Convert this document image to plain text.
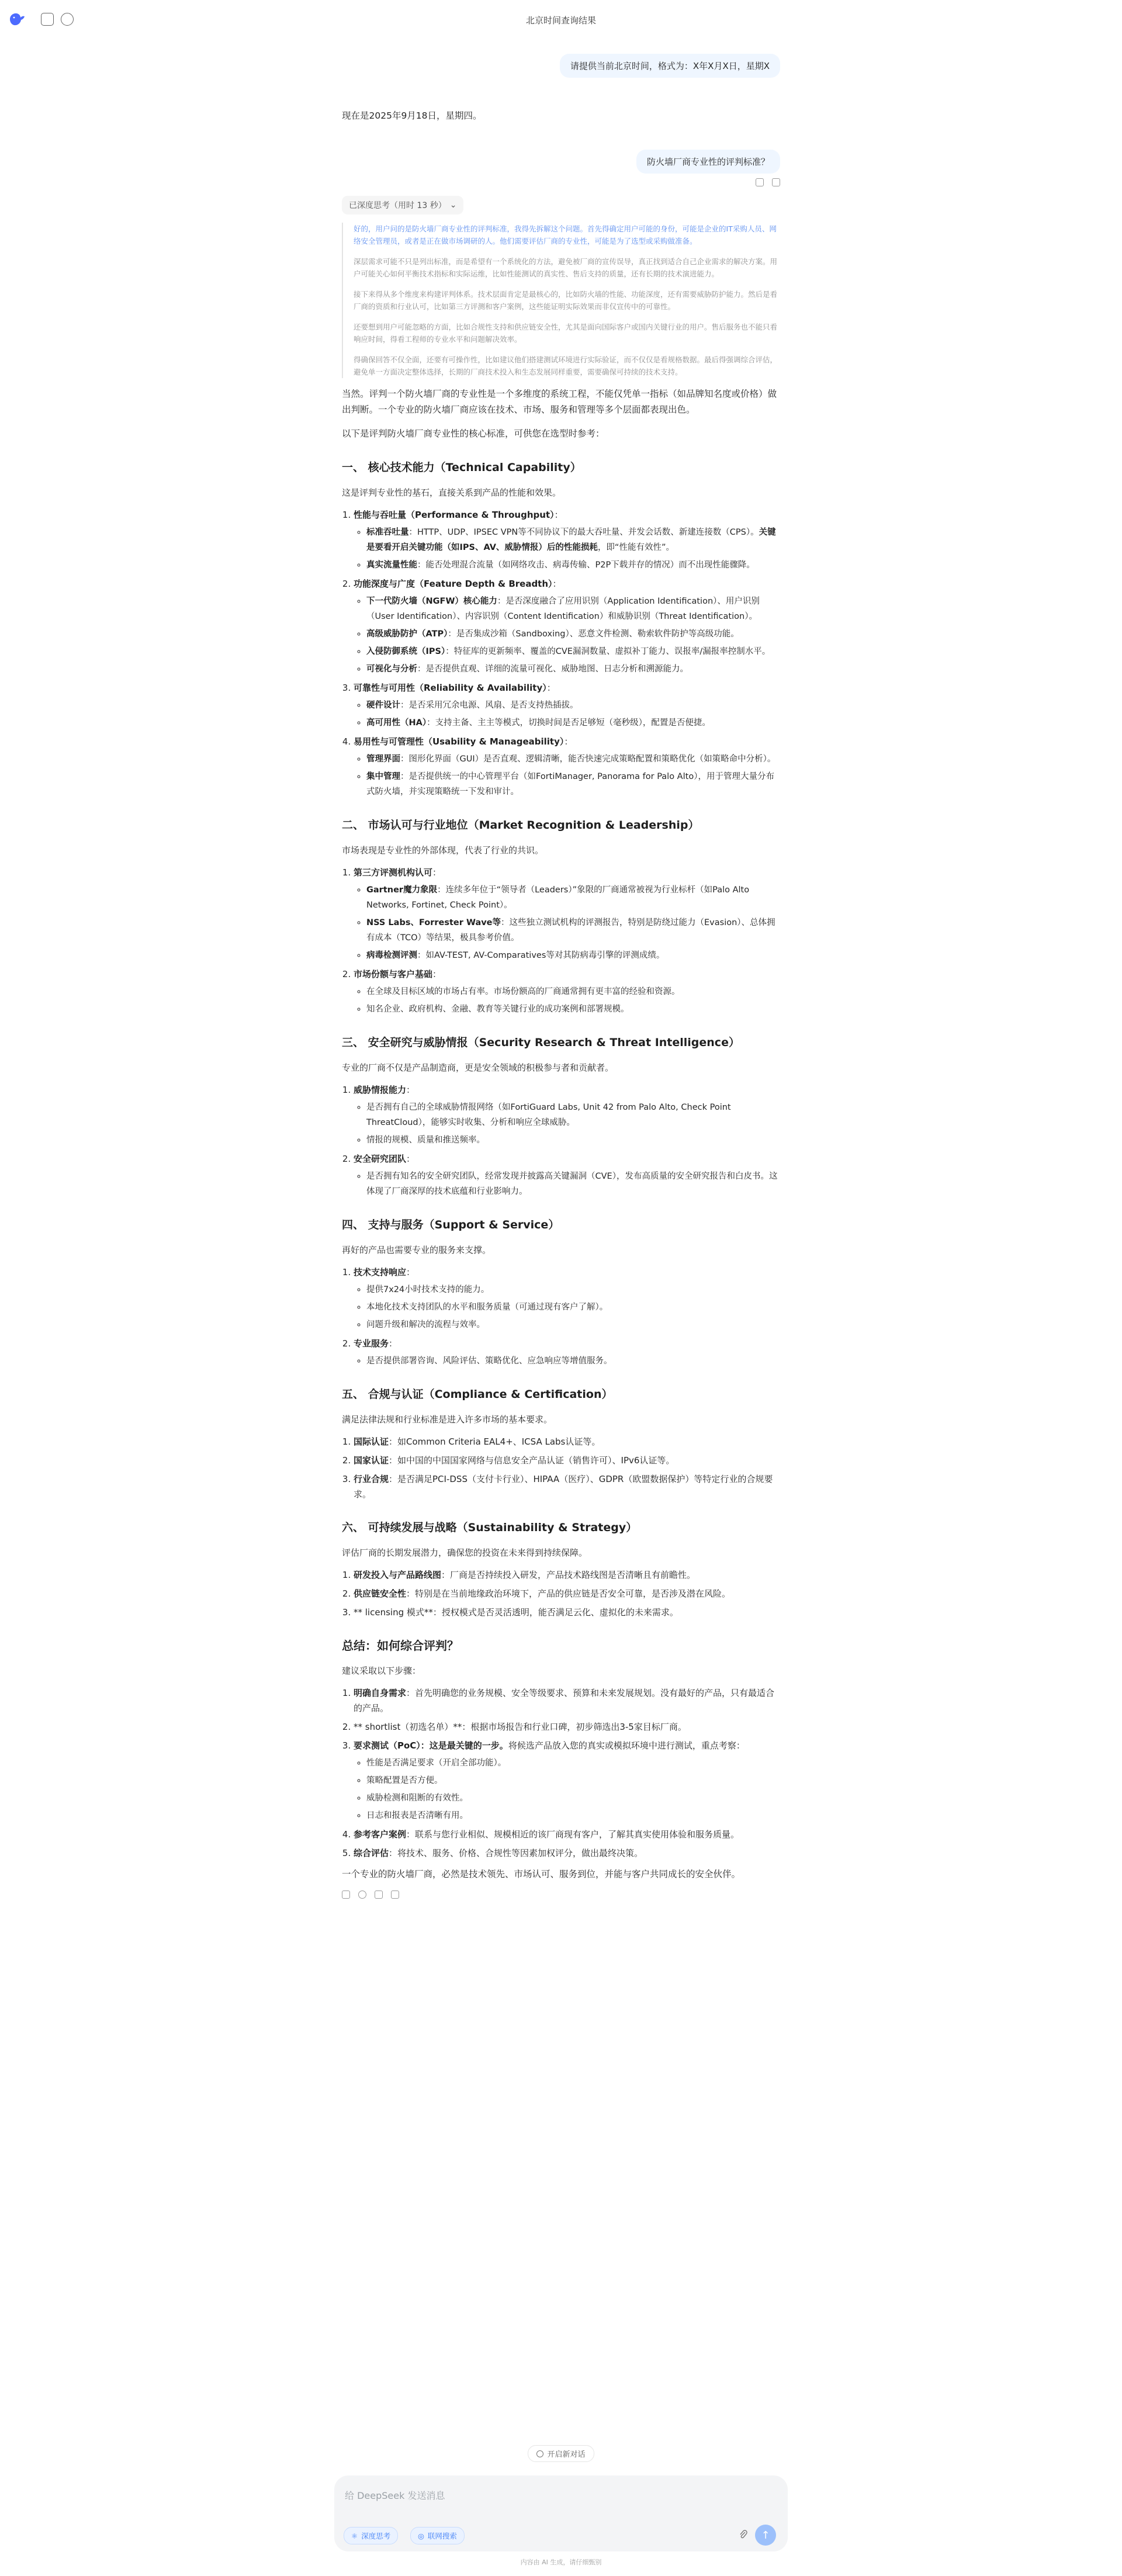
北京时间查询结果
请提供当前北京时间，格式为：X年X月X日，星期X

现在是2025年9月18日，星期四。

防火墙厂商专业性的评判标准？
已深度思考（用时 13 秒） ⌄

好的，用户问的是防火墙厂商专业性的评判标准，我得先拆解这个问题。首先得确定用户可能的身份，可能是企业的IT采购人员、网络安全管理员，或者是正在做市场调研的人。他们需要评估厂商的专业性，可能是为了选型或采购做准备。

深层需求可能不只是列出标准，而是希望有一个系统化的方法，避免被厂商的宣传误导，真正找到适合自己企业需求的解决方案。用户可能关心如何平衡技术指标和实际运维，比如性能测试的真实性、售后支持的质量，还有长期的技术演进能力。

接下来得从多个维度来构建评判体系。技术层面肯定是最核心的，比如防火墙的性能、功能深度，还有需要威胁防护能力。然后是看厂商的资质和行业认可，比如第三方评测和客户案例，这些能证明实际效果而非仅宣传中的可靠性。

还要想到用户可能忽略的方面，比如合规性支持和供应链安全性，尤其是面向国际客户或国内关键行业的用户。售后服务也不能只看响应时间，得看工程师的专业水平和问题解决效率。

得确保回答不仅全面，还要有可操作性，比如建议他们搭建测试环境进行实际验证，而不仅仅是看规格数据。最后得强调综合评估，避免单一方面决定整体选择，长期的厂商技术投入和生态发展同样重要，需要确保可持续的技术支持。

当然。评判一个防火墙厂商的专业性是一个多维度的系统工程，不能仅凭单一指标（如品牌知名度或价格）做出判断。一个专业的防火墙厂商应该在技术、市场、服务和管理等多个层面都表现出色。

以下是评判防火墙厂商专业性的核心标准，可供您在选型时参考：

一、 核心技术能力（Technical Capability）

这是评判专业性的基石，直接关系到产品的性能和效果。

1. 性能与吞吐量（Performance & Throughput）：
◦ 标准吞吐量：HTTP、UDP、IPSEC VPN等不同协议下的最大吞吐量、并发会话数、新建连接数（CPS）。关键是要看开启关键功能（如IPS、AV、威胁情报）后的性能损耗，即“性能有效性”。
◦ 真实流量性能：能否处理混合流量（如网络攻击、病毒传输、P2P下载并存的情况）而不出现性能骤降。
2. 功能深度与广度（Feature Depth & Breadth）：
◦ 下一代防火墙（NGFW）核心能力：是否深度融合了应用识别（Application Identification）、用户识别（User Identification）、内容识别（Content Identification）和威胁识别（Threat Identification）。
◦ 高级威胁防护（ATP）：是否集成沙箱（Sandboxing）、恶意文件检测、勒索软件防护等高级功能。
◦ 入侵防御系统（IPS）：特征库的更新频率、覆盖的CVE漏洞数量、虚拟补丁能力、误报率/漏报率控制水平。
◦ 可视化与分析：是否提供直观、详细的流量可视化、威胁地图、日志分析和溯源能力。
3. 可靠性与可用性（Reliability & Availability）：
◦ 硬件设计：是否采用冗余电源、风扇、是否支持热插拔。
◦ 高可用性（HA）：支持主备、主主等模式，切换时间是否足够短（毫秒级），配置是否便捷。
4. 易用性与可管理性（Usability & Manageability）：
◦ 管理界面：图形化界面（GUI）是否直观、逻辑清晰，能否快速完成策略配置和策略优化（如策略命中分析）。
◦ 集中管理：是否提供统一的中心管理平台（如FortiManager, Panorama for Palo Alto），用于管理大量分布式防火墙，并实现策略统一下发和审计。
二、 市场认可与行业地位（Market Recognition & Leadership）

市场表现是专业性的外部体现，代表了行业的共识。

1. 第三方评测机构认可：
◦ Gartner魔力象限：连续多年位于“领导者（Leaders）”象限的厂商通常被视为行业标杆（如Palo Alto Networks, Fortinet, Check Point）。
◦ NSS Labs、Forrester Wave等：这些独立测试机构的评测报告，特别是防绕过能力（Evasion）、总体拥有成本（TCO）等结果，极具参考价值。
◦ 病毒检测评测：如AV-TEST, AV-Comparatives等对其防病毒引擎的评测成绩。
2. 市场份额与客户基础：
◦ 在全球及目标区域的市场占有率。市场份额高的厂商通常拥有更丰富的经验和资源。
◦ 知名企业、政府机构、金融、教育等关键行业的成功案例和部署规模。
三、 安全研究与威胁情报（Security Research & Threat Intelligence）

专业的厂商不仅是产品制造商，更是安全领域的积极参与者和贡献者。

1. 威胁情报能力：
◦ 是否拥有自己的全球威胁情报网络（如FortiGuard Labs, Unit 42 from Palo Alto, Check Point ThreatCloud），能够实时收集、分析和响应全球威胁。
◦ 情报的规模、质量和推送频率。
2. 安全研究团队：
◦ 是否拥有知名的安全研究团队，经常发现并披露高关键漏洞（CVE），发布高质量的安全研究报告和白皮书。这体现了厂商深厚的技术底蕴和行业影响力。
四、 支持与服务（Support & Service）

再好的产品也需要专业的服务来支撑。

1. 技术支持响应：
◦ 提供7x24小时技术支持的能力。
◦ 本地化技术支持团队的水平和服务质量（可通过现有客户了解）。
◦ 问题升级和解决的流程与效率。
2. 专业服务：
◦ 是否提供部署咨询、风险评估、策略优化、应急响应等增值服务。
五、 合规与认证（Compliance & Certification）

满足法律法规和行业标准是进入许多市场的基本要求。

1. 国际认证：如Common Criteria EAL4+、ICSA Labs认证等。
2. 国家认证：如中国的中国国家网络与信息安全产品认证（销售许可）、IPv6认证等。
3. 行业合规：是否满足PCI-DSS（支付卡行业）、HIPAA（医疗）、GDPR（欧盟数据保护）等特定行业的合规要求。
六、 可持续发展与战略（Sustainability & Strategy）

评估厂商的长期发展潜力，确保您的投资在未来得到持续保障。

1. 研发投入与产品路线图：厂商是否持续投入研发，产品技术路线图是否清晰且有前瞻性。
2. 供应链安全性：特别是在当前地缘政治环境下，产品的供应链是否安全可靠，是否涉及潜在风险。
3. ** licensing 模式**：授权模式是否灵活透明，能否满足云化、虚拟化的未来需求。
总结：如何综合评判？

建议采取以下步骤：

1. 明确自身需求：首先明确您的业务规模、安全等级要求、预算和未来发展规划。没有最好的产品，只有最适合的产品。
2. ** shortlist（初选名单）**：根据市场报告和行业口碑，初步筛选出3-5家目标厂商。
3. 要求测试（PoC）：这是最关键的一步。将候选产品放入您的真实或模拟环境中进行测试，重点考察：
◦ 性能是否满足要求（开启全部功能）。
◦ 策略配置是否方便。
◦ 威胁检测和阻断的有效性。
◦ 日志和报表是否清晰有用。
4. 参考客户案例：联系与您行业相似、规模相近的该厂商现有客户，了解其真实使用体验和服务质量。
5. 综合评估：将技术、服务、价格、合规性等因素加权评分，做出最终决策。

一个专业的防火墙厂商，必然是技术领先、市场认可、服务到位，并能与客户共同成长的安全伙伴。

开启新对话
给 DeepSeek 发送消息
⚛ 深度思考	◎ 联网搜索	↑
内容由 AI 生成，请仔细甄别
